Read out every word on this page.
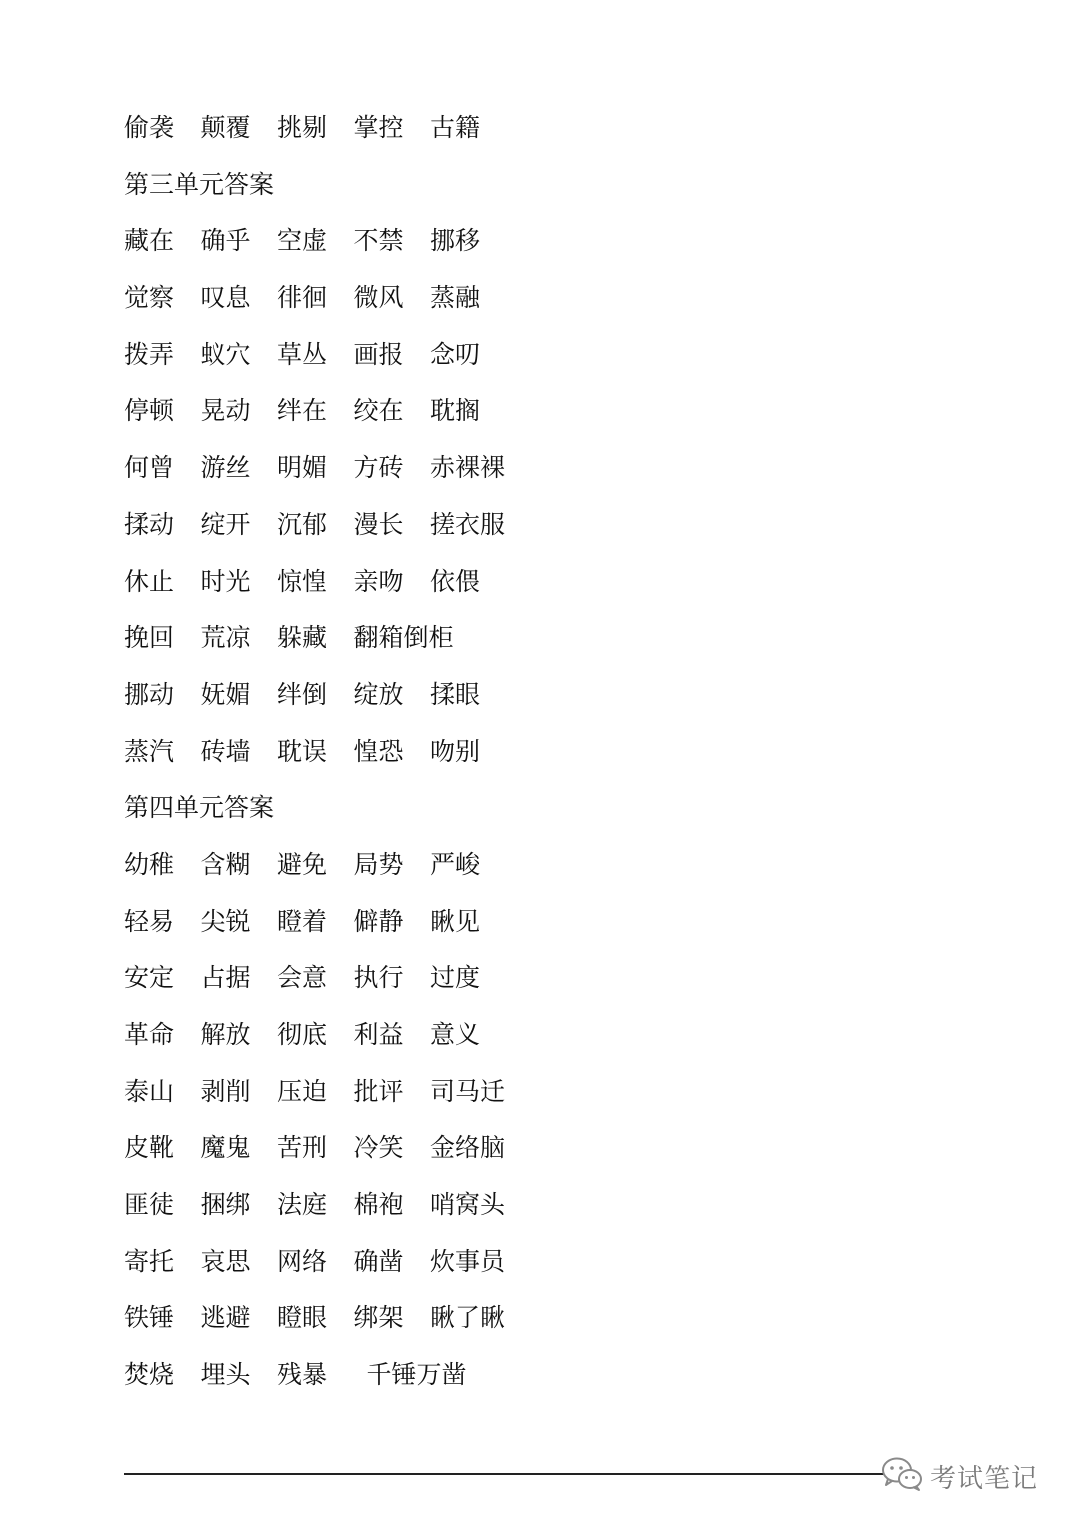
偷袭	颠覆	挑剔	掌控	古籍
第三单元答案
藏在	确乎	空虚	不禁	挪移
觉察	叹息	徘徊	微风	蒸融
拨弄	蚁穴	草丛	画报	念叨
停顿	晃动	绊在	绞在	耽搁
何曾	游丝	明媚	方砖	赤裸裸
揉动	绽开	沉郁	漫长	搓衣服
休止	时光	惊惶	亲吻	依偎
挽回	荒凉	躲藏	翻箱倒柜
挪动	妩媚	绊倒	绽放	揉眼
蒸汽	砖墙	耽误	惶恐	吻别
第四单元答案
幼稚	含糊	避免	局势	严峻
轻易	尖锐	瞪着	僻静	瞅见
安定	占据	会意	执行	过度
革命	解放	彻底	利益	意义
泰山	剥削	压迫	批评	司马迁
皮靴	魔鬼	苦刑	冷笑	金络脑
匪徒	捆绑	法庭	棉袍	哨窝头
寄托	哀思	网络	确凿	炊事员
铁锤	逃避	瞪眼	绑架	瞅了瞅
焚烧	埋头	残暴	千锤万凿
考试笔记
